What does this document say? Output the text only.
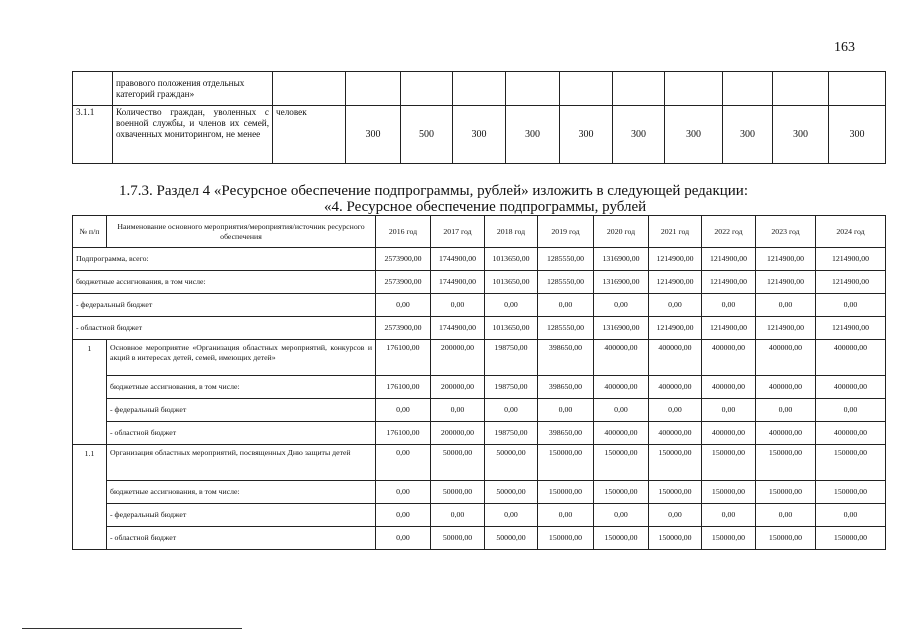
163
	правового положения отдельных категорий граждан»											
3.1.1	Количество граждан, уволенных с военной службы, и членов их семей, охваченных мониторингом, не менее	человек	300	500	300	300	300	300	300	300	300	300
1.7.3. Раздел 4 «Ресурсное обеспечение подпрограммы, рублей» изложить в следующей редакции:
«4. Ресурсное обеспечение подпрограммы, рублей
№ п/п	Наименование основного мероприятия/мероприятия/источник ресурсного обеспечения	2016 год	2017 год	2018 год	2019 год	2020 год	2021 год	2022 год	2023 год	2024 год
Подпрограмма, всего:		2573900,00	1744900,00	1013650,00	1285550,00	1316900,00	1214900,00	1214900,00	1214900,00	1214900,00
бюджетные ассигнования, в том числе:		2573900,00	1744900,00	1013650,00	1285550,00	1316900,00	1214900,00	1214900,00	1214900,00	1214900,00
- федеральный бюджет		0,00	0,00	0,00	0,00	0,00	0,00	0,00	0,00	0,00
- областной бюджет		2573900,00	1744900,00	1013650,00	1285550,00	1316900,00	1214900,00	1214900,00	1214900,00	1214900,00
1	Основное мероприятие «Организация областных мероприятий, конкурсов и акций в интересах детей, семей, имеющих детей»	176100,00	200000,00	198750,00	398650,00	400000,00	400000,00	400000,00	400000,00	400000,00
	бюджетные ассигнования, в том числе:	176100,00	200000,00	198750,00	398650,00	400000,00	400000,00	400000,00	400000,00	400000,00
	- федеральный бюджет	0,00	0,00	0,00	0,00	0,00	0,00	0,00	0,00	0,00
	- областной бюджет	176100,00	200000,00	198750,00	398650,00	400000,00	400000,00	400000,00	400000,00	400000,00
1.1	Организация областных мероприятий, посвященных Дню защиты детей	0,00	50000,00	50000,00	150000,00	150000,00	150000,00	150000,00	150000,00	150000,00
	бюджетные ассигнования, в том числе:	0,00	50000,00	50000,00	150000,00	150000,00	150000,00	150000,00	150000,00	150000,00
	- федеральный бюджет	0,00	0,00	0,00	0,00	0,00	0,00	0,00	0,00	0,00
	- областной бюджет	0,00	50000,00	50000,00	150000,00	150000,00	150000,00	150000,00	150000,00	150000,00
